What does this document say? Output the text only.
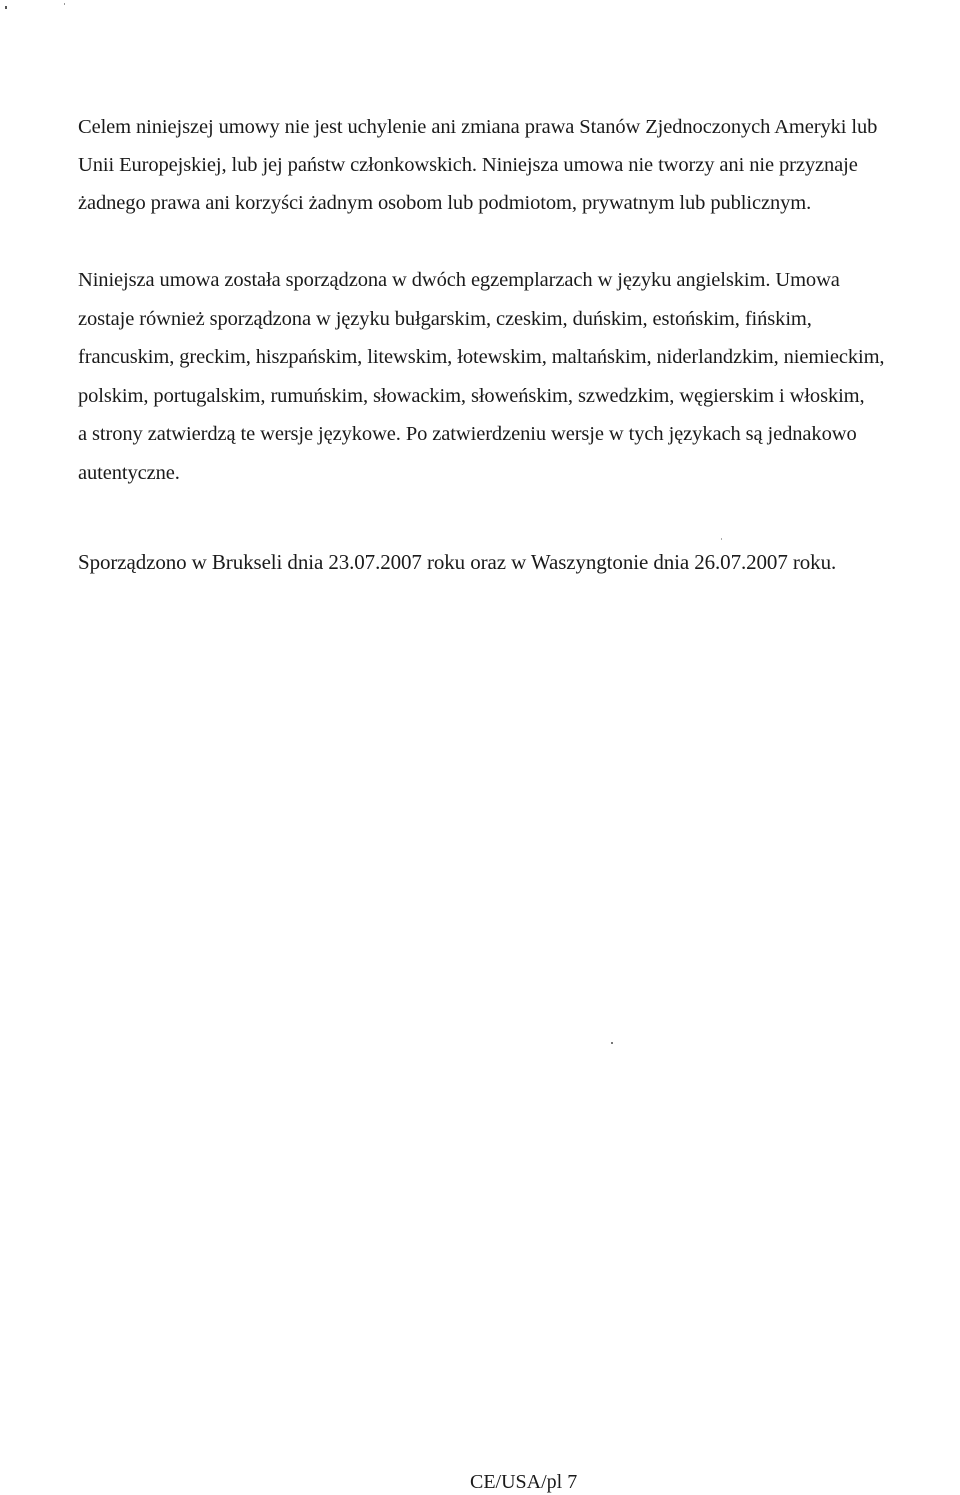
Celem niniejszej umowy nie jest uchylenie ani zmiana prawa Stanów Zjednoczonych Ameryki lub
Unii Europejskiej, lub jej państw członkowskich. Niniejsza umowa nie tworzy ani nie przyznaje
żadnego prawa ani korzyści żadnym osobom lub podmiotom, prywatnym lub publicznym.
Niniejsza umowa została sporządzona w dwóch egzemplarzach w języku angielskim. Umowa
zostaje również sporządzona w języku bułgarskim, czeskim, duńskim, estońskim, fińskim,
francuskim, greckim, hiszpańskim, litewskim, łotewskim, maltańskim, niderlandzkim, niemieckim,
polskim, portugalskim, rumuńskim, słowackim, słoweńskim, szwedzkim, węgierskim i włoskim,
a strony zatwierdzą te wersje językowe. Po zatwierdzeniu wersje w tych językach są jednakowo
autentyczne.
Sporządzono w Brukseli dnia 23.07.2007 roku oraz w Waszyngtonie dnia 26.07.2007 roku.
CE/USA/pl 7
